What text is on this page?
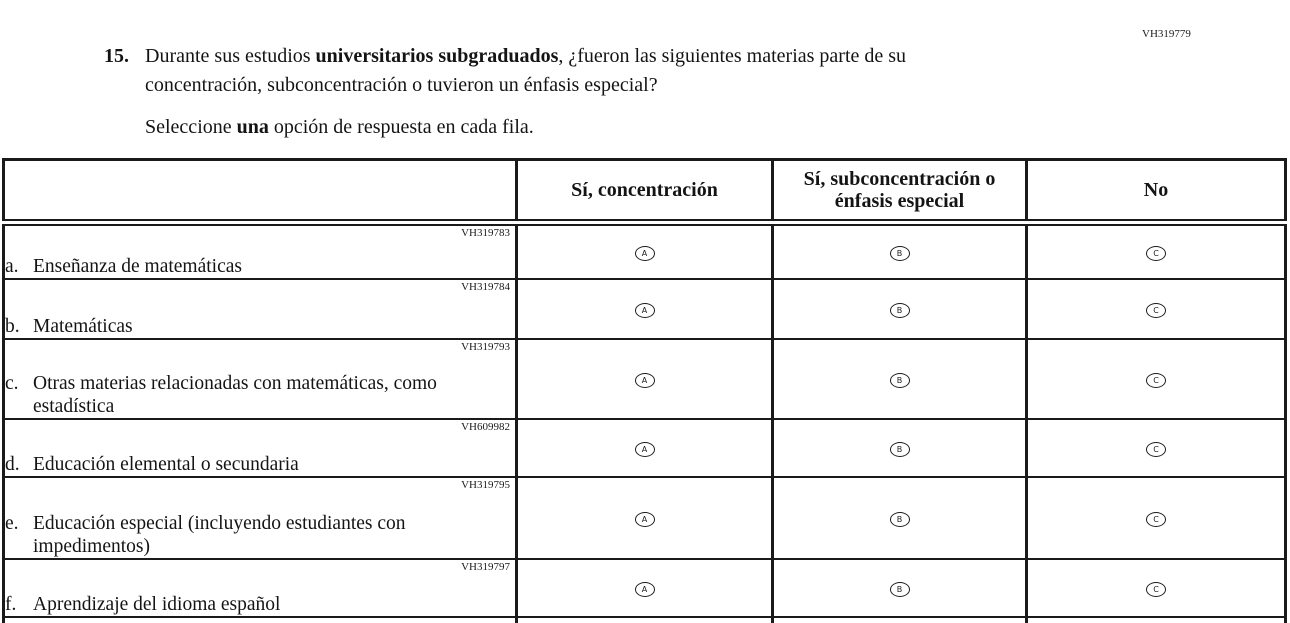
VH319779
15. Durante sus estudios universitarios subgraduados, ¿fueron las siguientes materias parte de su concentración, subconcentración o tuvieron un énfasis especial?
Seleccione una opción de respuesta en cada fila.
	Sí, concentración	Sí, subconcentración o énfasis especial	No

VH319783
a. Enseñanza de matemáticas	A	B	C

VH319784
b. Matemáticas	A	B	C

VH319793
c. Otras materias relacionadas con matemáticas, como estadística	A	B	C

VH609982
d. Educación elemental o secundaria	A	B	C

VH319795
e. Educación especial (incluyendo estudiantes con impedimentos)	A	B	C

VH319797
f. Aprendizaje del idioma español	A	B	C
